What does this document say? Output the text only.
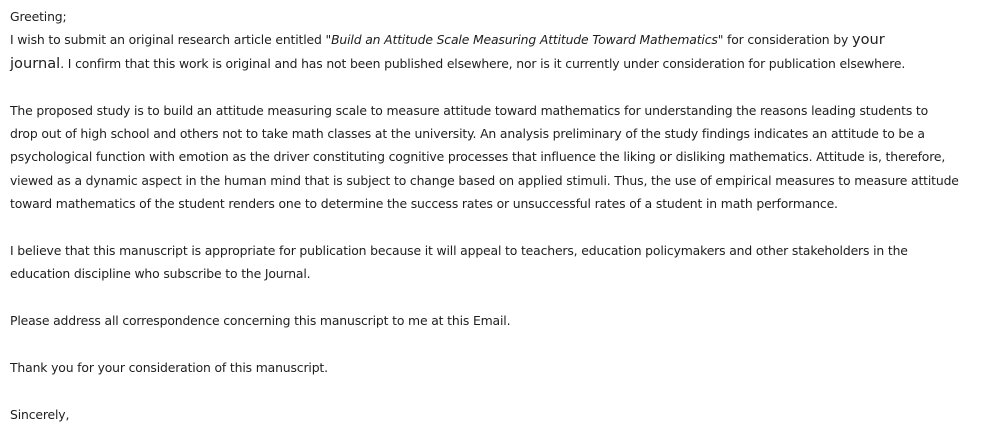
Greeting;
I wish to submit an original research article entitled "Build an Attitude Scale Measuring Attitude Toward Mathematics" for consideration by your
journal. I confirm that this work is original and has not been published elsewhere, nor is it currently under consideration for publication elsewhere.
The proposed study is to build an attitude measuring scale to measure attitude toward mathematics for understanding the reasons leading students to
drop out of high school and others not to take math classes at the university. An analysis preliminary of the study findings indicates an attitude to be a
psychological function with emotion as the driver constituting cognitive processes that influence the liking or disliking mathematics. Attitude is, therefore,
viewed as a dynamic aspect in the human mind that is subject to change based on applied stimuli. Thus, the use of empirical measures to measure attitude
toward mathematics of the student renders one to determine the success rates or unsuccessful rates of a student in math performance.
I believe that this manuscript is appropriate for publication because it will appeal to teachers, education policymakers and other stakeholders in the
education discipline who subscribe to the Journal.
Please address all correspondence concerning this manuscript to me at this Email.
Thank you for your consideration of this manuscript.
Sincerely,
